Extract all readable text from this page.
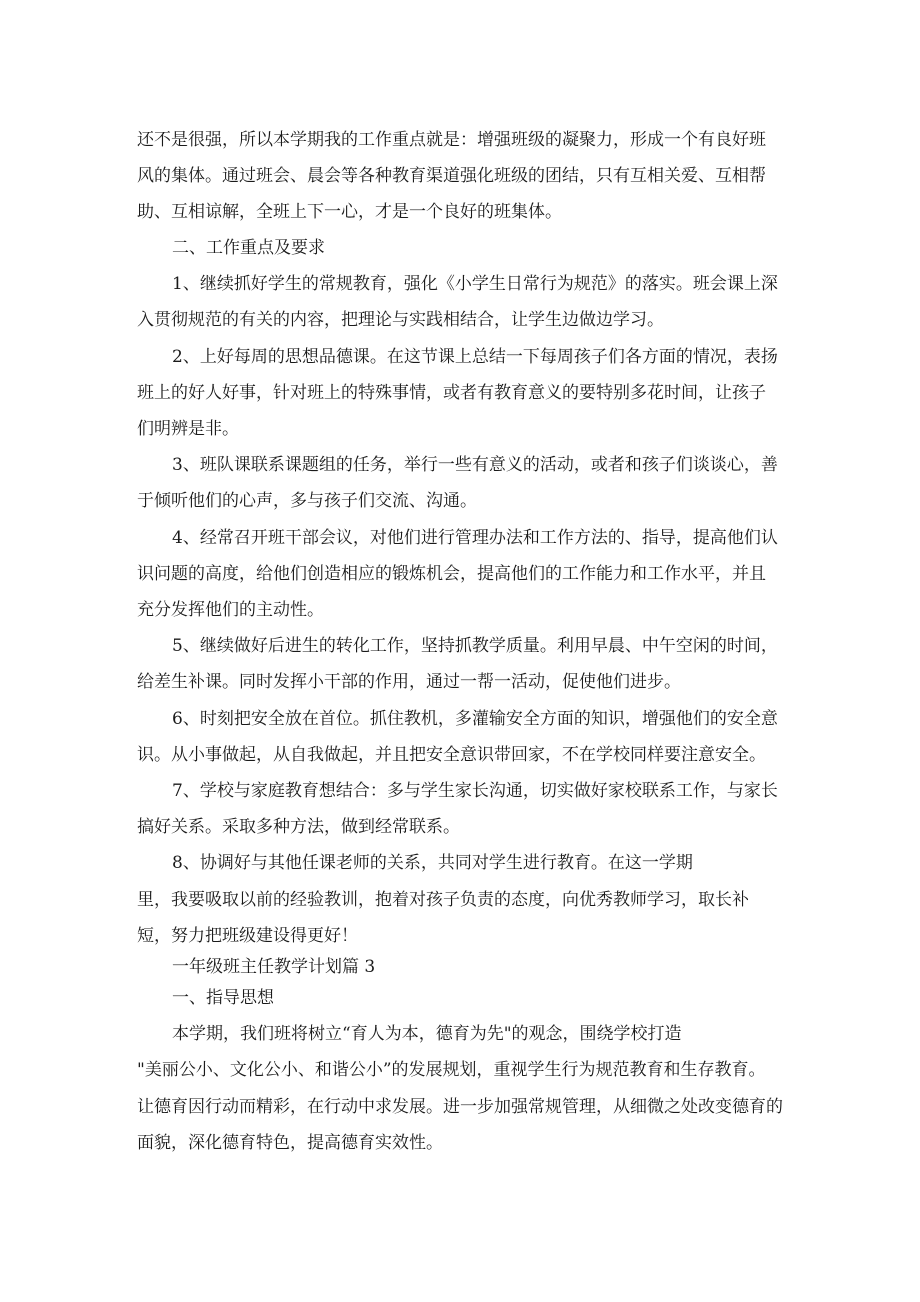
还不是很强，所以本学期我的工作重点就是：增强班级的凝聚力，形成一个有良好班

风的集体。通过班会、晨会等各种教育渠道强化班级的团结，只有互相关爱、互相帮

助、互相谅解，全班上下一心，才是一个良好的班集体。

二、工作重点及要求

1、继续抓好学生的常规教育，强化《小学生日常行为规范》的落实。班会课上深

入贯彻规范的有关的内容，把理论与实践相结合，让学生边做边学习。

2、上好每周的思想品德课。在这节课上总结一下每周孩子们各方面的情况，表扬

班上的好人好事，针对班上的特殊事情，或者有教育意义的要特别多花时间，让孩子

们明辨是非。

3、班队课联系课题组的任务，举行一些有意义的活动，或者和孩子们谈谈心，善

于倾听他们的心声，多与孩子们交流、沟通。

4、经常召开班干部会议，对他们进行管理办法和工作方法的、指导，提高他们认

识问题的高度，给他们创造相应的锻炼机会，提高他们的工作能力和工作水平，并且

充分发挥他们的主动性。

5、继续做好后进生的转化工作，坚持抓教学质量。利用早晨、中午空闲的时间，

给差生补课。同时发挥小干部的作用，通过一帮一活动，促使他们进步。

6、时刻把安全放在首位。抓住教机，多灌输安全方面的知识，增强他们的安全意

识。从小事做起，从自我做起，并且把安全意识带回家，不在学校同样要注意安全。

7、学校与家庭教育想结合：多与学生家长沟通，切实做好家校联系工作，与家长

搞好关系。采取多种方法，做到经常联系。

8、协调好与其他任课老师的关系，共同对学生进行教育。在这一学期

里，我要吸取以前的经验教训，抱着对孩子负责的态度，向优秀教师学习，取长补

短，努力把班级建设得更好！

一年级班主任教学计划篇 3

一、指导思想

本学期，我们班将树立“育人为本，德育为先"的观念，围绕学校打造

"美丽公小、文化公小、和谐公小”的发展规划，重视学生行为规范教育和生存教育。

让德育因行动而精彩，在行动中求发展。进一步加强常规管理，从细微之处改变德育的

面貌，深化德育特色，提高德育实效性。
